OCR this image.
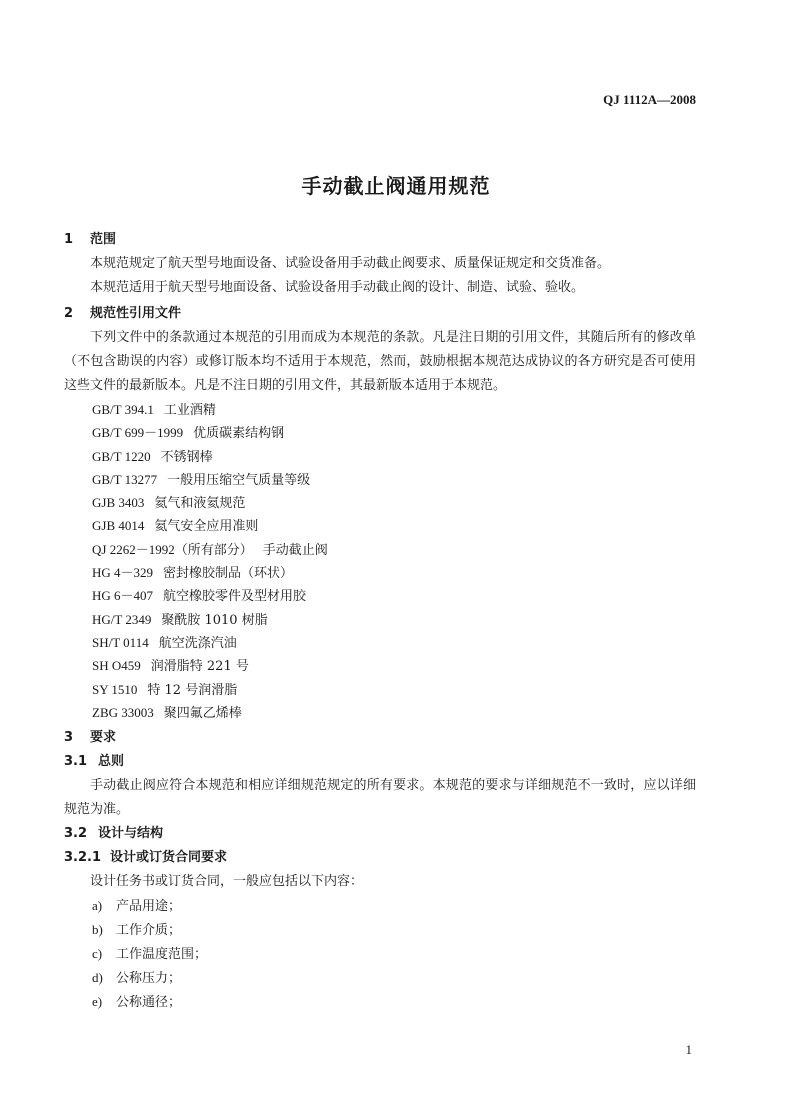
QJ 1112A—2008
手动截止阀通用规范
1 范围

本规范规定了航天型号地面设备、试验设备用手动截止阀要求、质量保证规定和交货准备。

本规范适用于航天型号地面设备、试验设备用手动截止阀的设计、制造、试验、验收。

2 规范性引用文件

下列文件中的条款通过本规范的引用而成为本规范的条款。凡是注日期的引用文件，其随后所有的修改单（不包含勘误的内容）或修订版本均不适用于本规范，然而，鼓励根据本规范达成协议的各方研究是否可使用这些文件的最新版本。凡是不注日期的引用文件，其最新版本适用于本规范。

GB/T 394.1 工业酒精
GB/T 699－1999 优质碳素结构钢
GB/T 1220 不锈钢棒
GB/T 13277 一般用压缩空气质量等级
GJB 3403 氦气和液氦规范
GJB 4014 氦气安全应用准则
QJ 2262－1992（所有部分） 手动截止阀
HG 4－329 密封橡胶制品（环状）
HG 6－407 航空橡胶零件及型材用胶
HG/T 2349 聚酰胺 1010 树脂
SH/T 0114 航空洗涤汽油
SH O459 润滑脂特 221 号
SY 1510 特 12 号润滑脂
ZBG 33003 聚四氟乙烯棒
3 要求
3.1 总则

手动截止阀应符合本规范和相应详细规范规定的所有要求。本规范的要求与详细规范不一致时，应以详细规范为准。

3.2 设计与结构
3.2.1 设计或订货合同要求

设计任务书或订货合同，一般应包括以下内容：

a) 产品用途；
b) 工作介质；
c) 工作温度范围；
d) 公称压力；
e) 公称通径；
1
